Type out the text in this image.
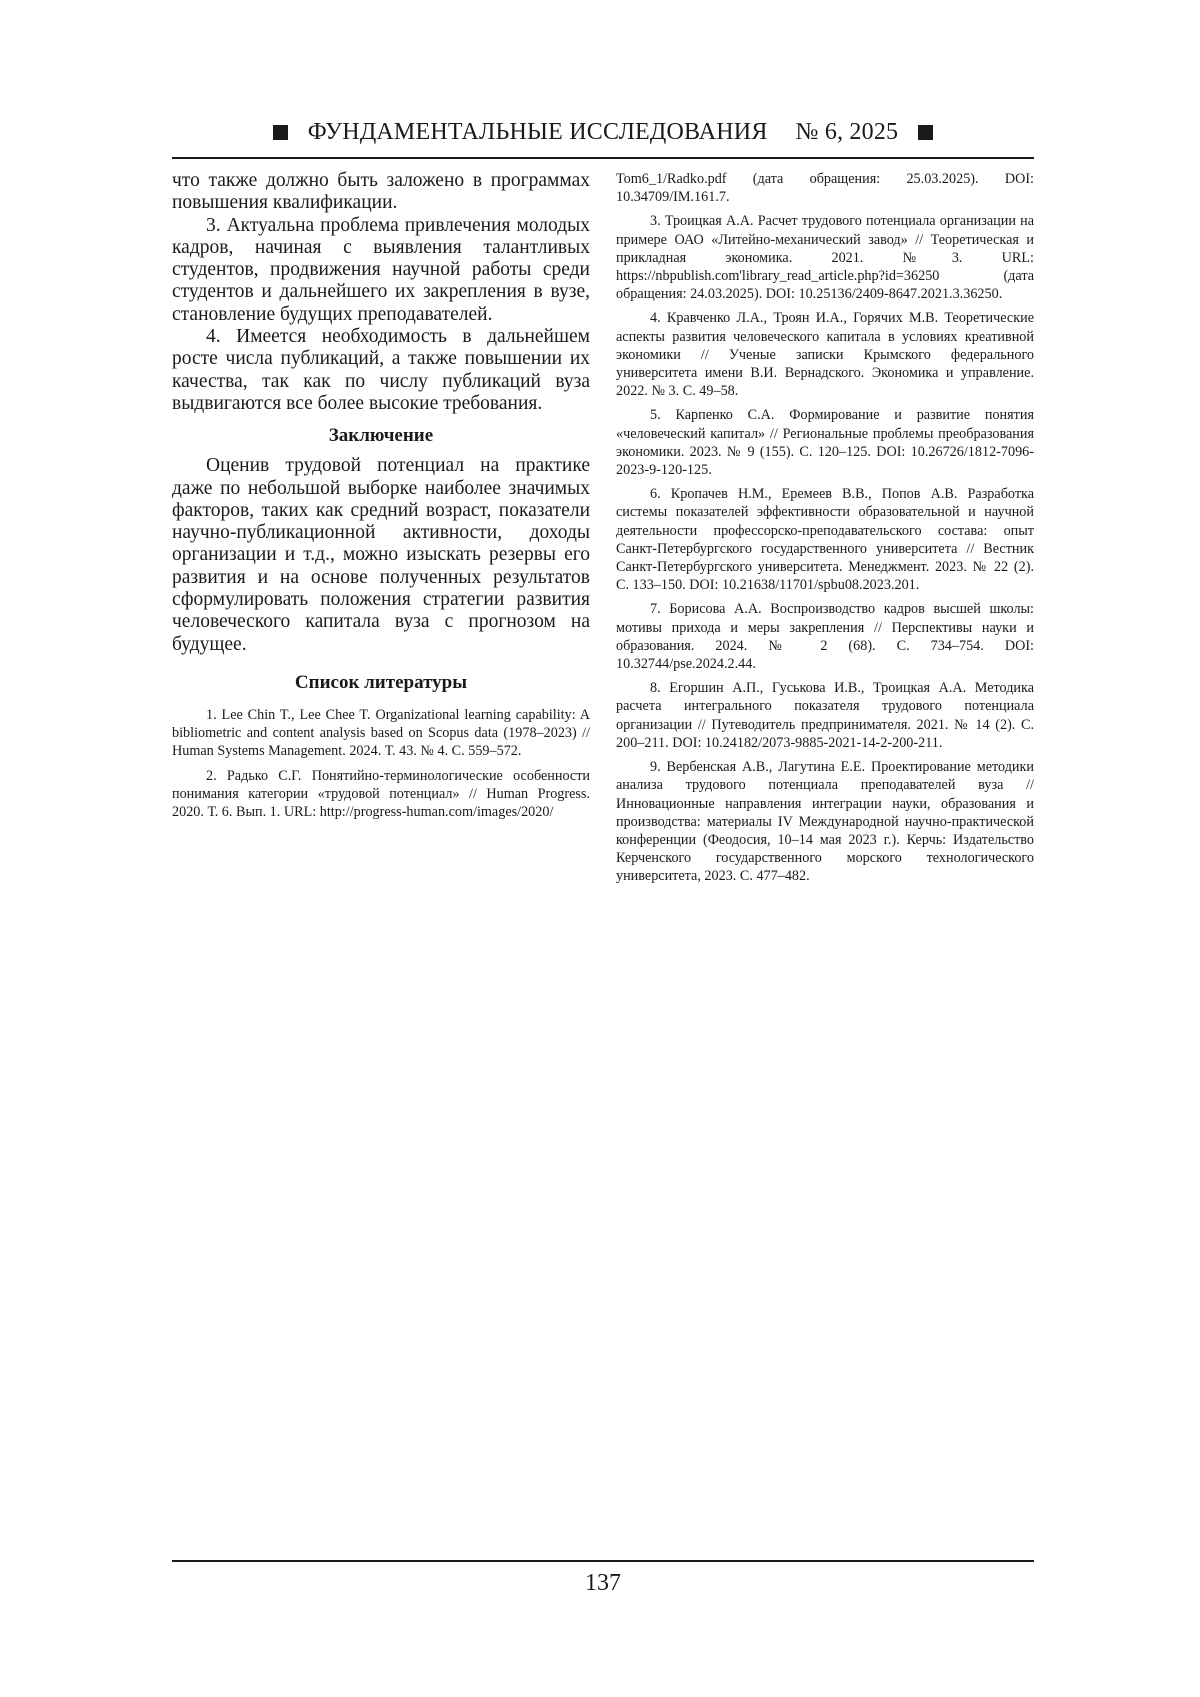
ФУНДАМЕНТАЛЬНЫЕ ИССЛЕДОВАНИЯ № 6, 2025

что также должно быть заложено в программах повышения квалификации.

3. Актуальна проблема привлечения молодых кадров, начиная с выявления талантливых студентов, продвижения научной работы среди студентов и дальнейшего их закрепления в вузе, становление будущих преподавателей.

4. Имеется необходимость в дальнейшем росте числа публикаций, а также повышении их качества, так как по числу публикаций вуза выдвигаются все более высокие требования.

Заключение

Оценив трудовой потенциал на практике даже по небольшой выборке наиболее значимых факторов, таких как средний возраст, показатели научно-публикационной активности, доходы организации и т.д., можно изыскать резервы его развития и на основе полученных результатов сформулировать положения стратегии развития человеческого капитала вуза с прогнозом на будущее.

Список литературы

1. Lee Chin T., Lee Chee T. Organizational learning capability: A bibliometric and content analysis based on Scopus data (1978–2023) // Human Systems Management. 2024. Т. 43. № 4. С. 559–572.

2. Радько С.Г. Понятийно-терминологические особенности понимания категории «трудовой потенциал» // Human Progress. 2020. Т. 6. Вып. 1. URL: http://progress-human.com/images/2020/

Tom6_1/Radko.pdf (дата обращения: 25.03.2025). DOI: 10.34709/IM.161.7.

3. Троицкая А.А. Расчет трудового потенциала организации на примере ОАО «Литейно-механический завод» // Теоретическая и прикладная экономика. 2021. №3. URL: https://nbpublish.com'library_read_article.php?id=36250 (дата обращения: 24.03.2025). DOI: 10.25136/2409-8647.2021.3.36250.

4. Кравченко Л.А., Троян И.А., Горячих М.В. Теоретические аспекты развития человеческого капитала в условиях креативной экономики // Ученые записки Крымского федерального университета имени В.И. Вернадского. Экономика и управление. 2022. № 3. С. 49–58.

5. Карпенко С.А. Формирование и развитие понятия «человеческий капитал» // Региональные проблемы преобразования экономики. 2023. № 9 (155). С. 120–125. DOI: 10.26726/1812-7096-2023-9-120-125.

6. Кропачев Н.М., Еремеев В.В., Попов А.В. Разработка системы показателей эффективности образовательной и научной деятельности профессорско-преподавательского состава: опыт Санкт-Петербургского государственного университета // Вестник Санкт-Петербургского университета. Менеджмент. 2023. № 22 (2). С. 133–150. DOI: 10.21638/11701/spbu08.2023.201.

7. Борисова А.А. Воспроизводство кадров высшей школы: мотивы прихода и меры закрепления // Перспективы науки и образования. 2024. № 2 (68). С. 734–754. DOI: 10.32744/pse.2024.2.44.

8. Егоршин А.П., Гуськова И.В., Троицкая А.А. Методика расчета интегрального показателя трудового потенциала организации // Путеводитель предпринимателя. 2021. № 14 (2). С. 200–211. DOI: 10.24182/2073-9885-2021-14-2-200-211.

9. Вербенская А.В., Лагутина Е.Е. Проектирование методики анализа трудового потенциала преподавателей вуза // Инновационные направления интеграции науки, образования и производства: материалы IV Международной научно-практической конференции (Феодосия, 10–14 мая 2023 г.). Керчь: Издательство Керченского государственного морского технологического университета, 2023. С. 477–482.

137
